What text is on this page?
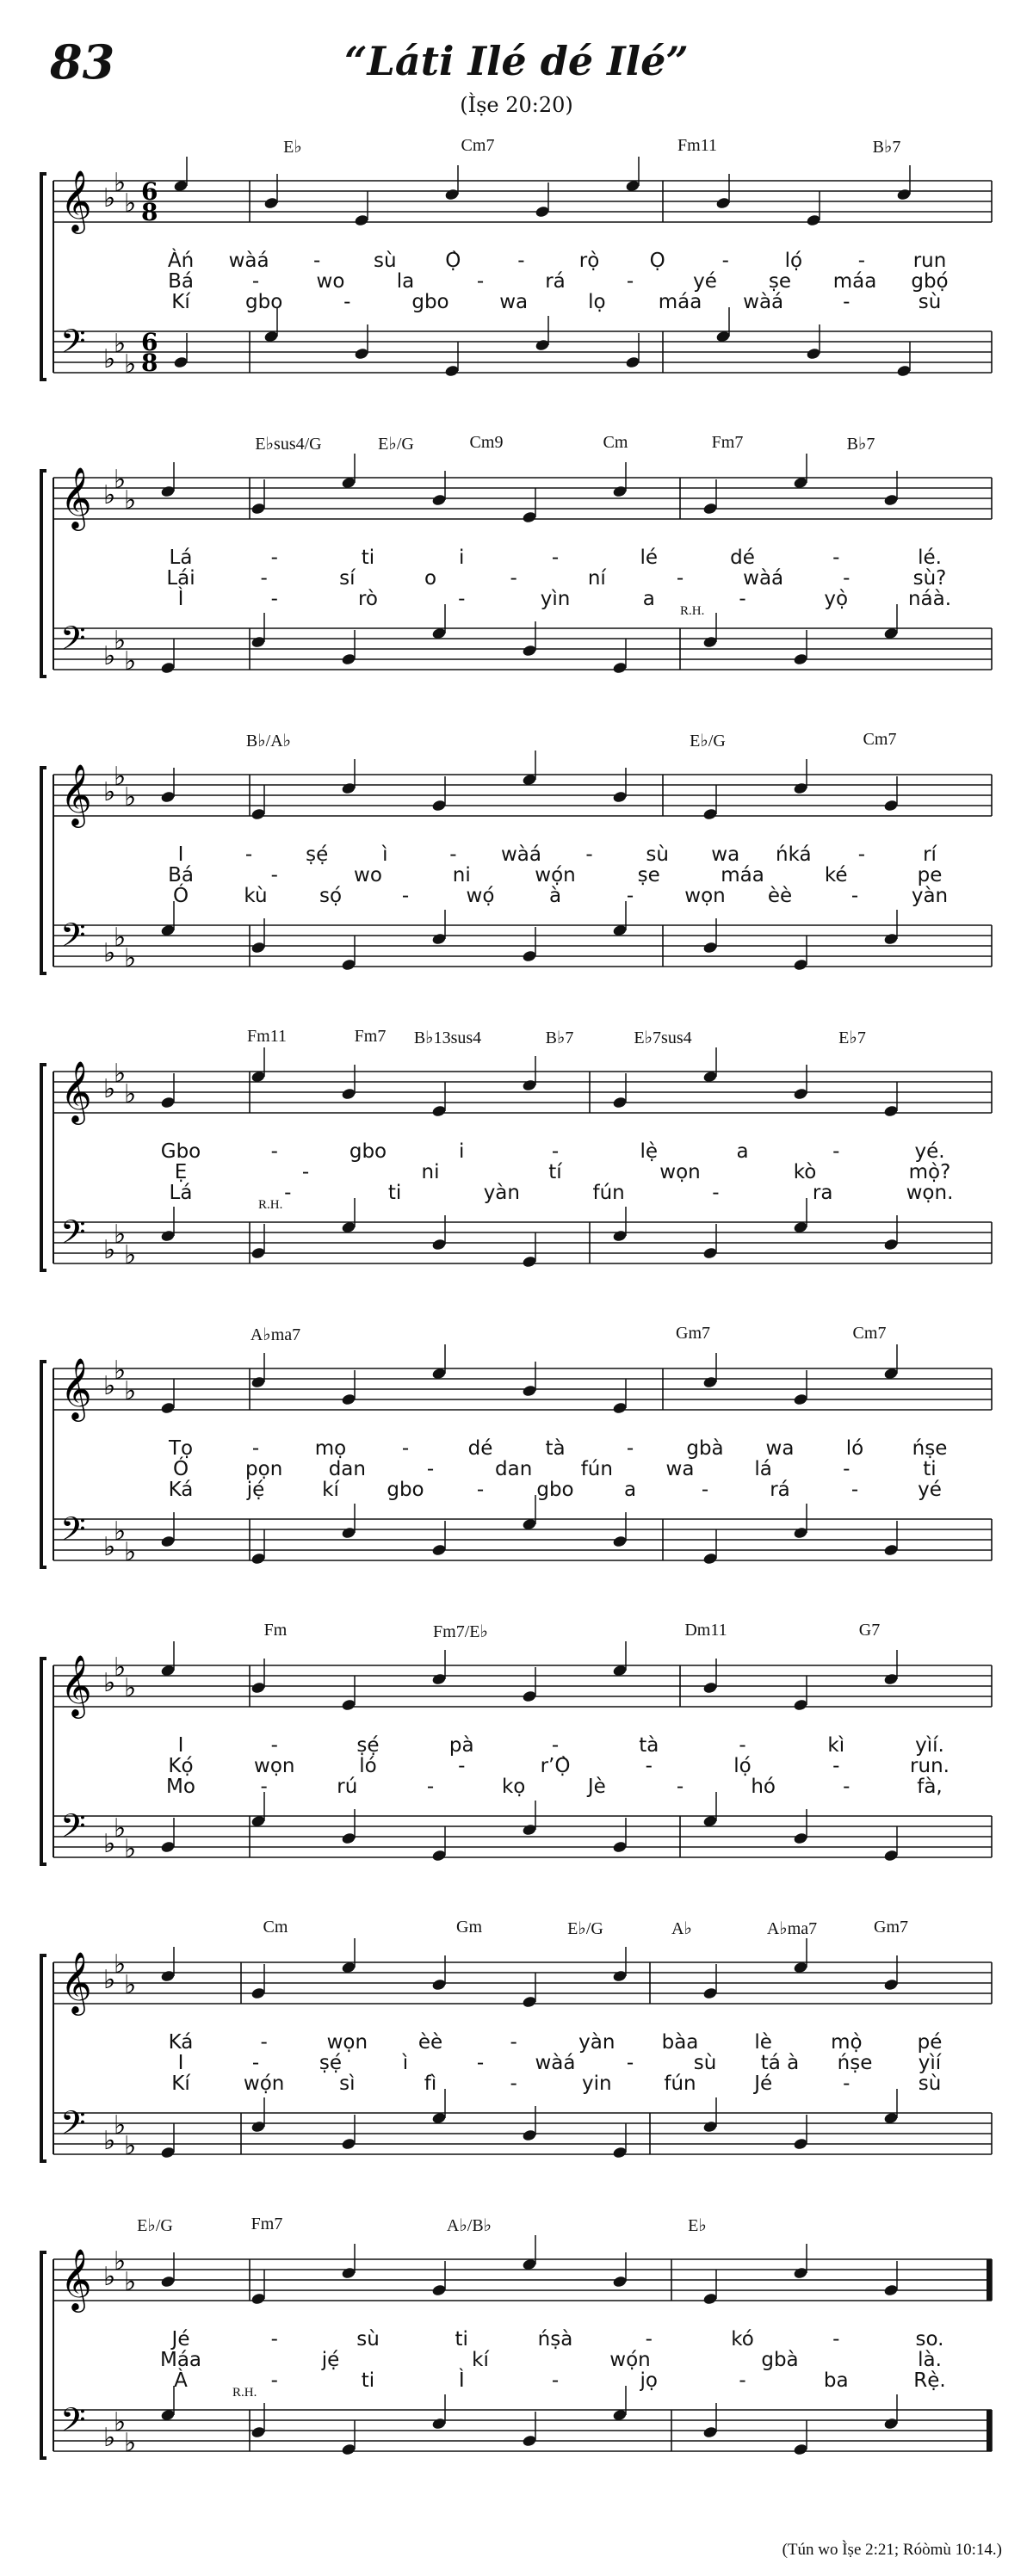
83	“Láti Ilé dé Ilé”
(Ìṣe 20:20)
𝄞
𝄢
♭
♭
♭
♭
♭
♭
6
8
6
8
E♭	Cm7	Fm11	B♭7
Àń wàá -	sù Ọ̀	-	rọ̀	Ọ	-	lọ́	- run
Bá	-	wo	la	-	rá	-	yé	ṣe máa gbọ́
Kí	gbo	-	gbo	wa	lọ	máa wàá	-	sù
𝄞
𝄢
♭
♭
♭
♭
♭
♭
E♭sus4/G	E♭/G	Cm9	Cm	Fm7	B♭7
Lá	-	ti	i	-	lé	dé	-	lé.
Lái	-	sí	o	-	ní	-	wàá	-	sù?
Ì	-	rò	-	yìn	a	-	yọ̀	náà.
R.H.
𝄞
𝄢
♭
♭
♭
♭
♭
♭
B♭/A♭	E♭/G	Cm7
I	-	ṣẹ́	ì	- wàá -	sù wa ńká -	rí
Bá	-	wo	ni	wọ́n	ṣe	máa	ké	pe
Ó	kù	sọ́	-	wọ́	à	-	wọn èè	-	yàn
𝄞
𝄢
♭
♭
♭
♭
♭
♭
Fm11	Fm7 B♭13sus4	B♭7	E♭7sus4	E♭7
Gbo	-	gbo	i	-	lẹ̀	a	-	yé.
Ẹ	-	ni	tí	wọn	kò	mọ̀?
Lá	-	ti	yàn	fún	-	ra	wọn.
R.H.
𝄞
𝄢
♭
♭
♭
♭
♭
♭
A♭ma7	Gm7	Cm7
Tọ	-	mọ	-	dé	tà	-	gbà wa	ló ńṣe
Ó	pọn dan	-	dan fún	wa	lá	-	ti
Ká	jẹ́	kí gbo	-	gbo	a	-	rá	-	yé
𝄞
𝄢
♭
♭
♭
♭
♭
♭
Fm	Fm7/E♭	Dm11	G7
I	-	ṣẹ́	pà	-	tà	-	kì	yìí.
Kọ́	wọn	ló	-	r’Ọ̀	-	lọ́	-	run.
Mo	-	rú	-	kọ	Jè	-	hó	-	fà,
𝄞
𝄢
♭
♭
♭
♭
♭
♭
Cm	Gm	E♭/G	A♭	A♭ma7	Gm7
Ká	-	wọn	èè	-	yàn bàa	lè	mọ̀	pé
I	-	ṣẹ́	ì	-	wàá	-	sù tá à ńṣe yìí
Kí	wọ́n	sì	fì	-	yin	fún	Jé	-	sù
𝄞
𝄢
♭
♭
♭
♭
♭
♭
E♭/G	Fm7	A♭/B♭	E♭
Jé	-	sù	ti	ńṣà	-	kó	-	so.
Máa	jẹ́	kí	wọ́n	gbà	là.
À	-	ti	Ì	-	jọ	-	ba	Rẹ̀.
R.H.
(Tún wo Ìṣe 2:21; Róòmù 10:14.)
